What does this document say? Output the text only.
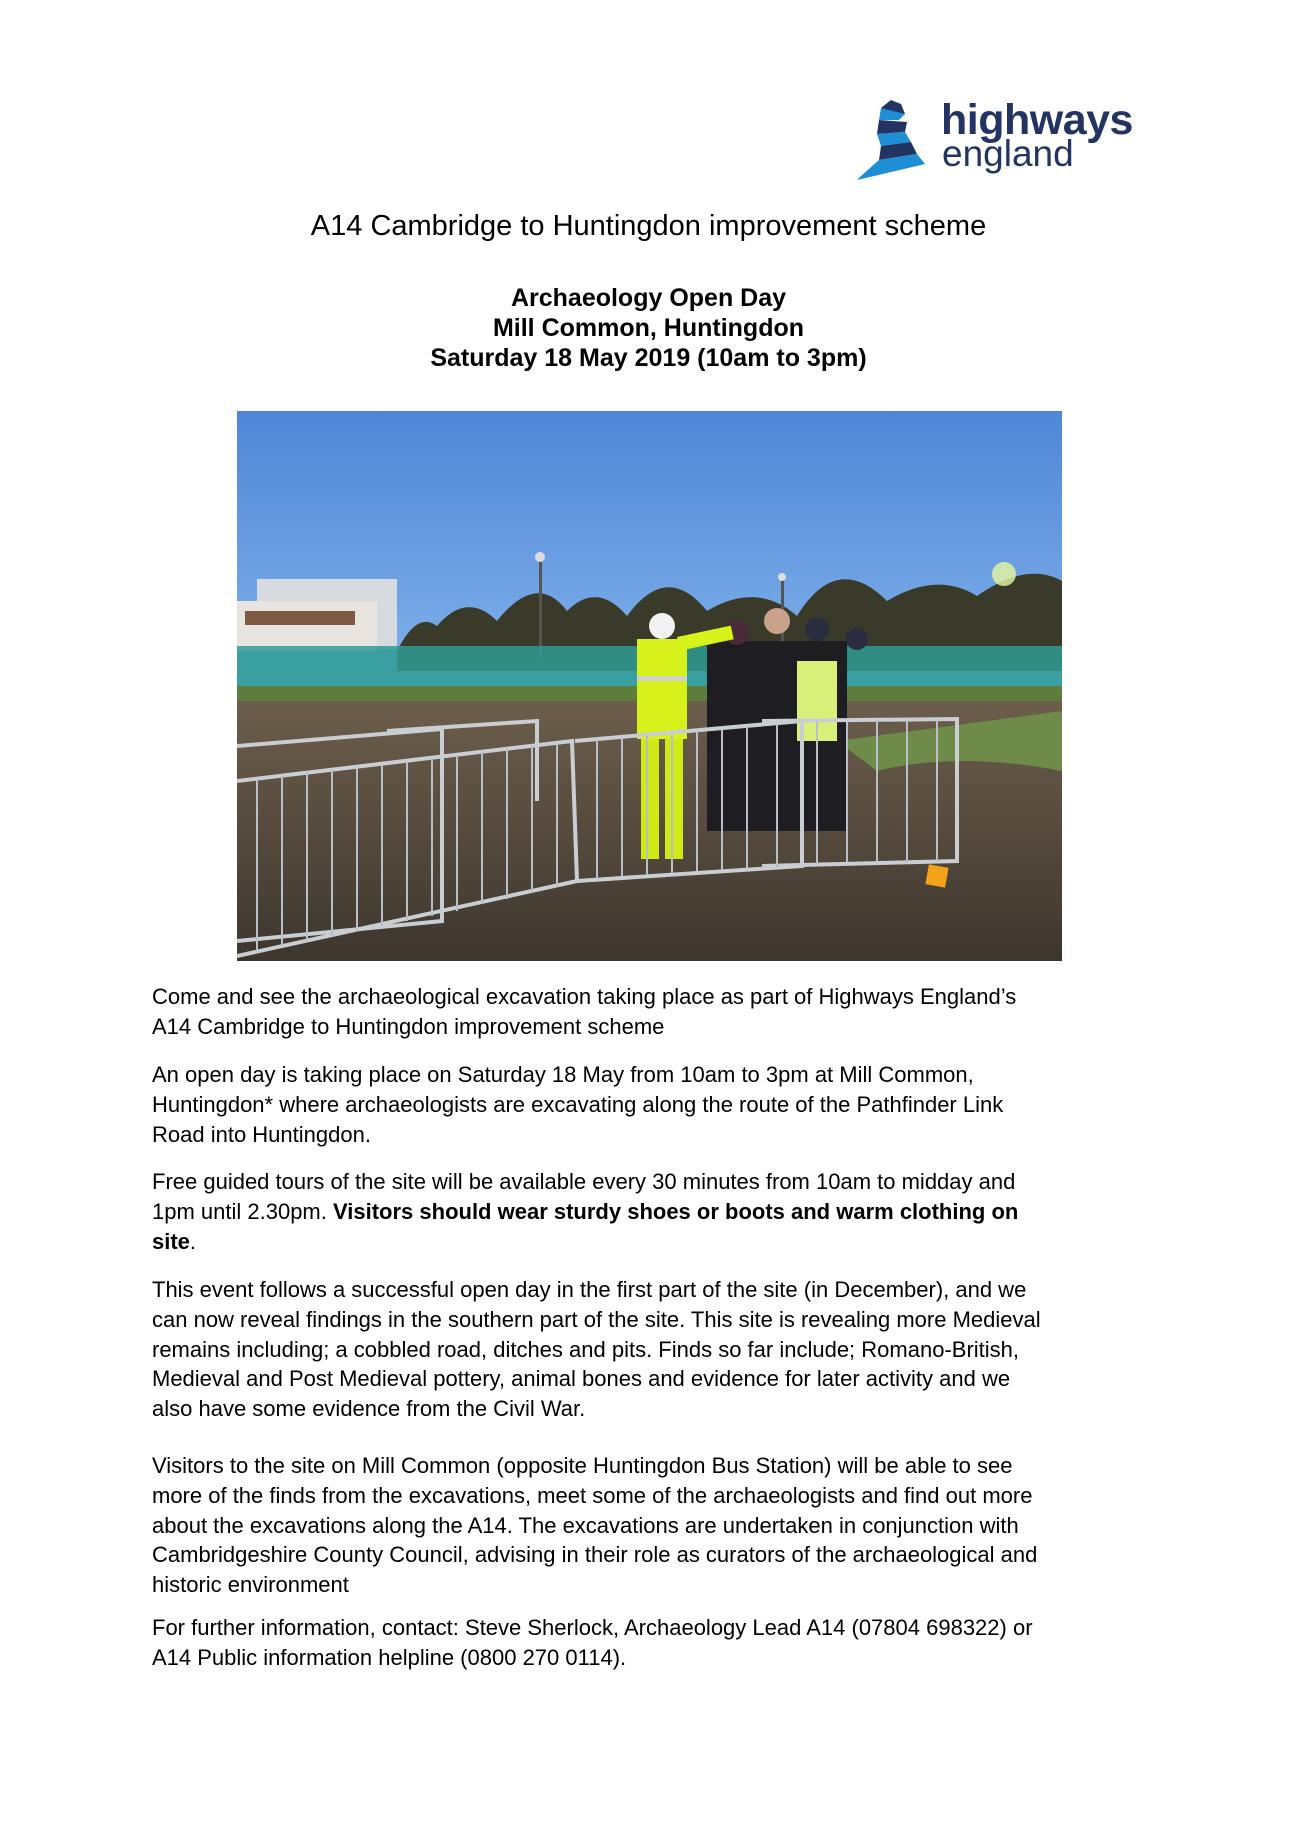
highways
england
A14 Cambridge to Huntingdon improvement scheme
Archaeology Open Day
Mill Common, Huntingdon
Saturday 18 May 2019 (10am to 3pm)
Come and see the archaeological excavation taking place as part of Highways England’s
A14 Cambridge to Huntingdon improvement scheme
An open day is taking place on Saturday 18 May from 10am to 3pm at Mill Common,
Huntingdon* where archaeologists are excavating along the route of the Pathfinder Link
Road into Huntingdon.
Free guided tours of the site will be available every 30 minutes from 10am to midday and
1pm until 2.30pm. Visitors should wear sturdy shoes or boots and warm clothing on
site.
This event follows a successful open day in the first part of the site (in December), and we
can now reveal findings in the southern part of the site. This site is revealing more Medieval
remains including; a cobbled road, ditches and pits. Finds so far include; Romano-British,
Medieval and Post Medieval pottery, animal bones and evidence for later activity and we
also have some evidence from the Civil War.
Visitors to the site on Mill Common (opposite Huntingdon Bus Station) will be able to see
more of the finds from the excavations, meet some of the archaeologists and find out more
about the excavations along the A14. The excavations are undertaken in conjunction with
Cambridgeshire County Council, advising in their role as curators of the archaeological and
historic environment
For further information, contact: Steve Sherlock, Archaeology Lead A14 (07804 698322) or
A14 Public information helpline (0800 270 0114).
